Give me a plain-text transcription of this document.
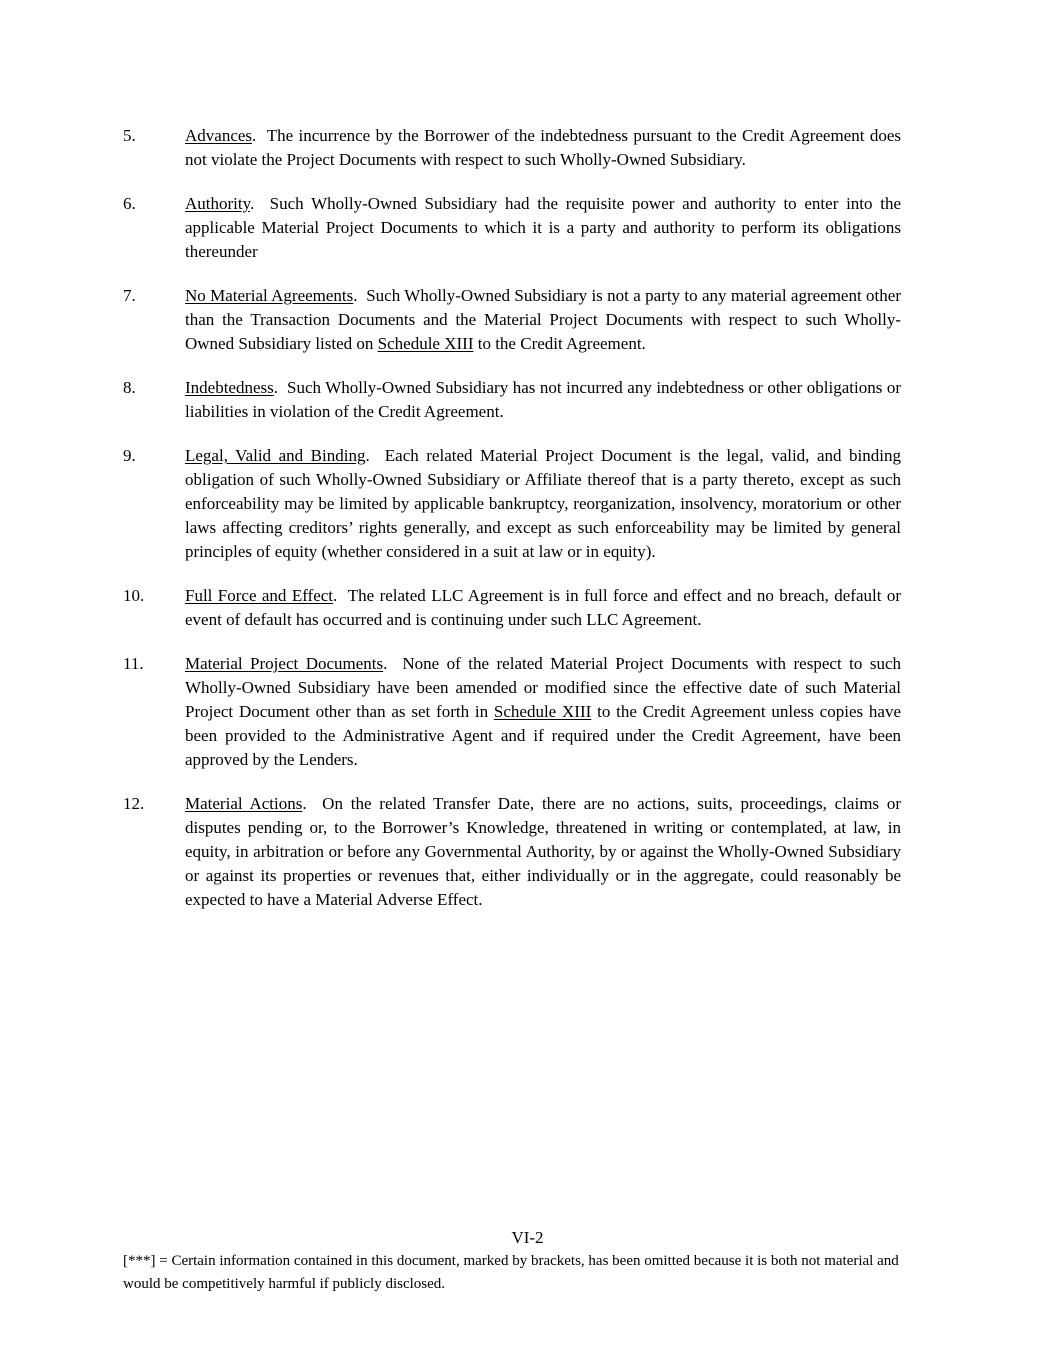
5.	Advances.  The incurrence by the Borrower of the indebtedness pursuant to the Credit Agreement does not violate the Project Documents with respect to such Wholly-Owned Subsidiary.
6.	Authority.  Such Wholly-Owned Subsidiary had the requisite power and authority to enter into the applicable Material Project Documents to which it is a party and authority to perform its obligations thereunder
7.	No Material Agreements.  Such Wholly-Owned Subsidiary is not a party to any material agreement other than the Transaction Documents and the Material Project Documents with respect to such Wholly-Owned Subsidiary listed on Schedule XIII to the Credit Agreement.
8.	Indebtedness.  Such Wholly-Owned Subsidiary has not incurred any indebtedness or other obligations or liabilities in violation of the Credit Agreement.
9.	Legal, Valid and Binding.  Each related Material Project Document is the legal, valid, and binding obligation of such Wholly-Owned Subsidiary or Affiliate thereof that is a party thereto, except as such enforceability may be limited by applicable bankruptcy, reorganization, insolvency, moratorium or other laws affecting creditors’ rights generally, and except as such enforceability may be limited by general principles of equity (whether considered in a suit at law or in equity).
10. Full Force and Effect.  The related LLC Agreement is in full force and effect and no breach, default or event of default has occurred and is continuing under such LLC Agreement.
11. Material Project Documents.  None of the related Material Project Documents with respect to such Wholly-Owned Subsidiary have been amended or modified since the effective date of such Material Project Document other than as set forth in Schedule XIII to the Credit Agreement unless copies have been provided to the Administrative Agent and if required under the Credit Agreement, have been approved by the Lenders.
12. Material Actions.  On the related Transfer Date, there are no actions, suits, proceedings, claims or disputes pending or, to the Borrower’s Knowledge, threatened in writing or contemplated, at law, in equity, in arbitration or before any Governmental Authority, by or against the Wholly-Owned Subsidiary or against its properties or revenues that, either individually or in the aggregate, could reasonably be expected to have a Material Adverse Effect.
VI-2

[***] = Certain information contained in this document, marked by brackets, has been omitted because it is both not material and would be competitively harmful if publicly disclosed.
